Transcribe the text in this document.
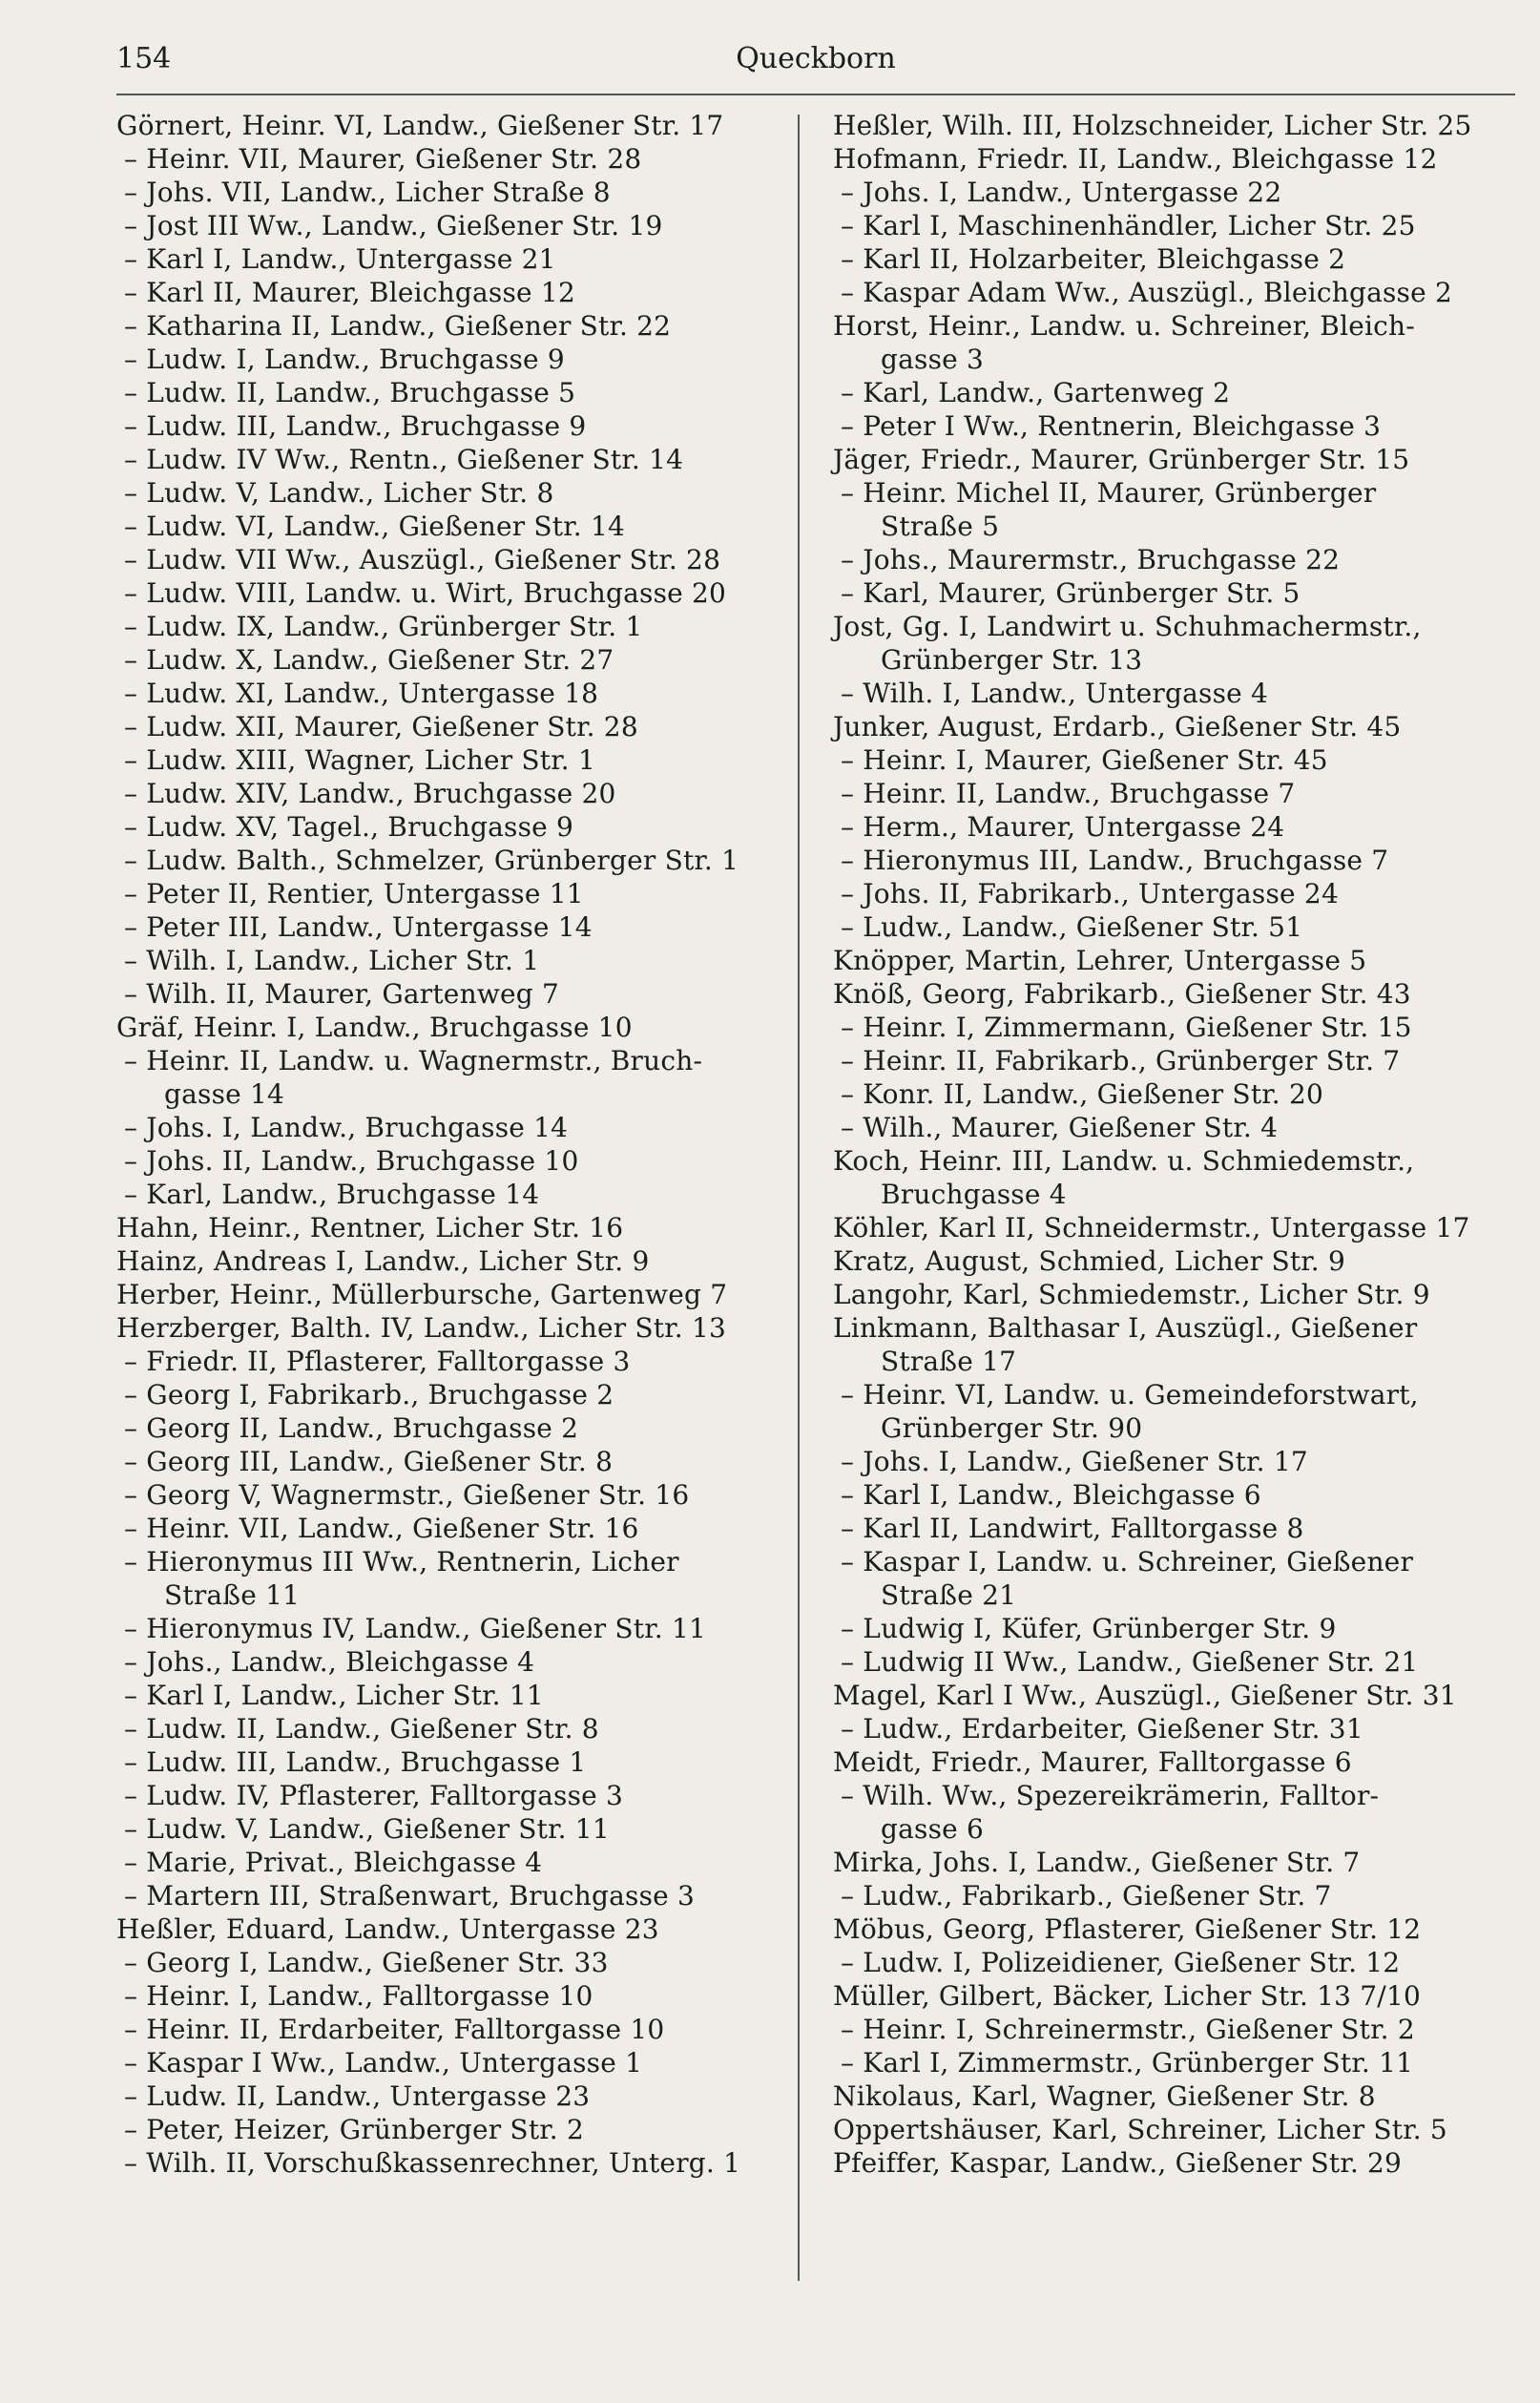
154	Queckborn
Görnert, Heinr. VI, Landw., Gießener Str. 17
– Heinr. VII, Maurer, Gießener Str. 28
– Johs. VII, Landw., Licher Straße 8
– Jost III Ww., Landw., Gießener Str. 19
– Karl I, Landw., Untergasse 21
– Karl II, Maurer, Bleichgasse 12
– Katharina II, Landw., Gießener Str. 22
– Ludw. I, Landw., Bruchgasse 9
– Ludw. II, Landw., Bruchgasse 5
– Ludw. III, Landw., Bruchgasse 9
– Ludw. IV Ww., Rentn., Gießener Str. 14
– Ludw. V, Landw., Licher Str. 8
– Ludw. VI, Landw., Gießener Str. 14
– Ludw. VII Ww., Auszügl., Gießener Str. 28
– Ludw. VIII, Landw. u. Wirt, Bruchgasse 20
– Ludw. IX, Landw., Grünberger Str. 1
– Ludw. X, Landw., Gießener Str. 27
– Ludw. XI, Landw., Untergasse 18
– Ludw. XII, Maurer, Gießener Str. 28
– Ludw. XIII, Wagner, Licher Str. 1
– Ludw. XIV, Landw., Bruchgasse 20
– Ludw. XV, Tagel., Bruchgasse 9
– Ludw. Balth., Schmelzer, Grünberger Str. 1
– Peter II, Rentier, Untergasse 11
– Peter III, Landw., Untergasse 14
– Wilh. I, Landw., Licher Str. 1
– Wilh. II, Maurer, Gartenweg 7
Gräf, Heinr. I, Landw., Bruchgasse 10
– Heinr. II, Landw. u. Wagnermstr., Bruch-
gasse 14
– Johs. I, Landw., Bruchgasse 14
– Johs. II, Landw., Bruchgasse 10
– Karl, Landw., Bruchgasse 14
Hahn, Heinr., Rentner, Licher Str. 16
Hainz, Andreas I, Landw., Licher Str. 9
Herber, Heinr., Müllerbursche, Gartenweg 7
Herzberger, Balth. IV, Landw., Licher Str. 13
– Friedr. II, Pflasterer, Falltorgasse 3
– Georg I, Fabrikarb., Bruchgasse 2
– Georg II, Landw., Bruchgasse 2
– Georg III, Landw., Gießener Str. 8
– Georg V, Wagnermstr., Gießener Str. 16
– Heinr. VII, Landw., Gießener Str. 16
– Hieronymus III Ww., Rentnerin, Licher
Straße 11
– Hieronymus IV, Landw., Gießener Str. 11
– Johs., Landw., Bleichgasse 4
– Karl I, Landw., Licher Str. 11
– Ludw. II, Landw., Gießener Str. 8
– Ludw. III, Landw., Bruchgasse 1
– Ludw. IV, Pflasterer, Falltorgasse 3
– Ludw. V, Landw., Gießener Str. 11
– Marie, Privat., Bleichgasse 4
– Martern III, Straßenwart, Bruchgasse 3
Heßler, Eduard, Landw., Untergasse 23
– Georg I, Landw., Gießener Str. 33
– Heinr. I, Landw., Falltorgasse 10
– Heinr. II, Erdarbeiter, Falltorgasse 10
– Kaspar I Ww., Landw., Untergasse 1
– Ludw. II, Landw., Untergasse 23
– Peter, Heizer, Grünberger Str. 2
– Wilh. II, Vorschußkassenrechner, Unterg. 1
Heßler, Wilh. III, Holzschneider, Licher Str. 25
Hofmann, Friedr. II, Landw., Bleichgasse 12
– Johs. I, Landw., Untergasse 22
– Karl I, Maschinenhändler, Licher Str. 25
– Karl II, Holzarbeiter, Bleichgasse 2
– Kaspar Adam Ww., Auszügl., Bleichgasse 2
Horst, Heinr., Landw. u. Schreiner, Bleich-
gasse 3
– Karl, Landw., Gartenweg 2
– Peter I Ww., Rentnerin, Bleichgasse 3
Jäger, Friedr., Maurer, Grünberger Str. 15
– Heinr. Michel II, Maurer, Grünberger
Straße 5
– Johs., Maurermstr., Bruchgasse 22
– Karl, Maurer, Grünberger Str. 5
Jost, Gg. I, Landwirt u. Schuhmachermstr.,
Grünberger Str. 13
– Wilh. I, Landw., Untergasse 4
Junker, August, Erdarb., Gießener Str. 45
– Heinr. I, Maurer, Gießener Str. 45
– Heinr. II, Landw., Bruchgasse 7
– Herm., Maurer, Untergasse 24
– Hieronymus III, Landw., Bruchgasse 7
– Johs. II, Fabrikarb., Untergasse 24
– Ludw., Landw., Gießener Str. 51
Knöpper, Martin, Lehrer, Untergasse 5
Knöß, Georg, Fabrikarb., Gießener Str. 43
– Heinr. I, Zimmermann, Gießener Str. 15
– Heinr. II, Fabrikarb., Grünberger Str. 7
– Konr. II, Landw., Gießener Str. 20
– Wilh., Maurer, Gießener Str. 4
Koch, Heinr. III, Landw. u. Schmiedemstr.,
Bruchgasse 4
Köhler, Karl II, Schneidermstr., Untergasse 17
Kratz, August, Schmied, Licher Str. 9
Langohr, Karl, Schmiedemstr., Licher Str. 9
Linkmann, Balthasar I, Auszügl., Gießener
Straße 17
– Heinr. VI, Landw. u. Gemeindeforstwart,
Grünberger Str. 90
– Johs. I, Landw., Gießener Str. 17
– Karl I, Landw., Bleichgasse 6
– Karl II, Landwirt, Falltorgasse 8
– Kaspar I, Landw. u. Schreiner, Gießener
Straße 21
– Ludwig I, Küfer, Grünberger Str. 9
– Ludwig II Ww., Landw., Gießener Str. 21
Magel, Karl I Ww., Auszügl., Gießener Str. 31
– Ludw., Erdarbeiter, Gießener Str. 31
Meidt, Friedr., Maurer, Falltorgasse 6
– Wilh. Ww., Spezereikrämerin, Falltor-
gasse 6
Mirka, Johs. I, Landw., Gießener Str. 7
– Ludw., Fabrikarb., Gießener Str. 7
Möbus, Georg, Pflasterer, Gießener Str. 12
– Ludw. I, Polizeidiener, Gießener Str. 12
Müller, Gilbert, Bäcker, Licher Str. 13 7/10
– Heinr. I, Schreinermstr., Gießener Str. 2
– Karl I, Zimmermstr., Grünberger Str. 11
Nikolaus, Karl, Wagner, Gießener Str. 8
Oppertshäuser, Karl, Schreiner, Licher Str. 5
Pfeiffer, Kaspar, Landw., Gießener Str. 29
